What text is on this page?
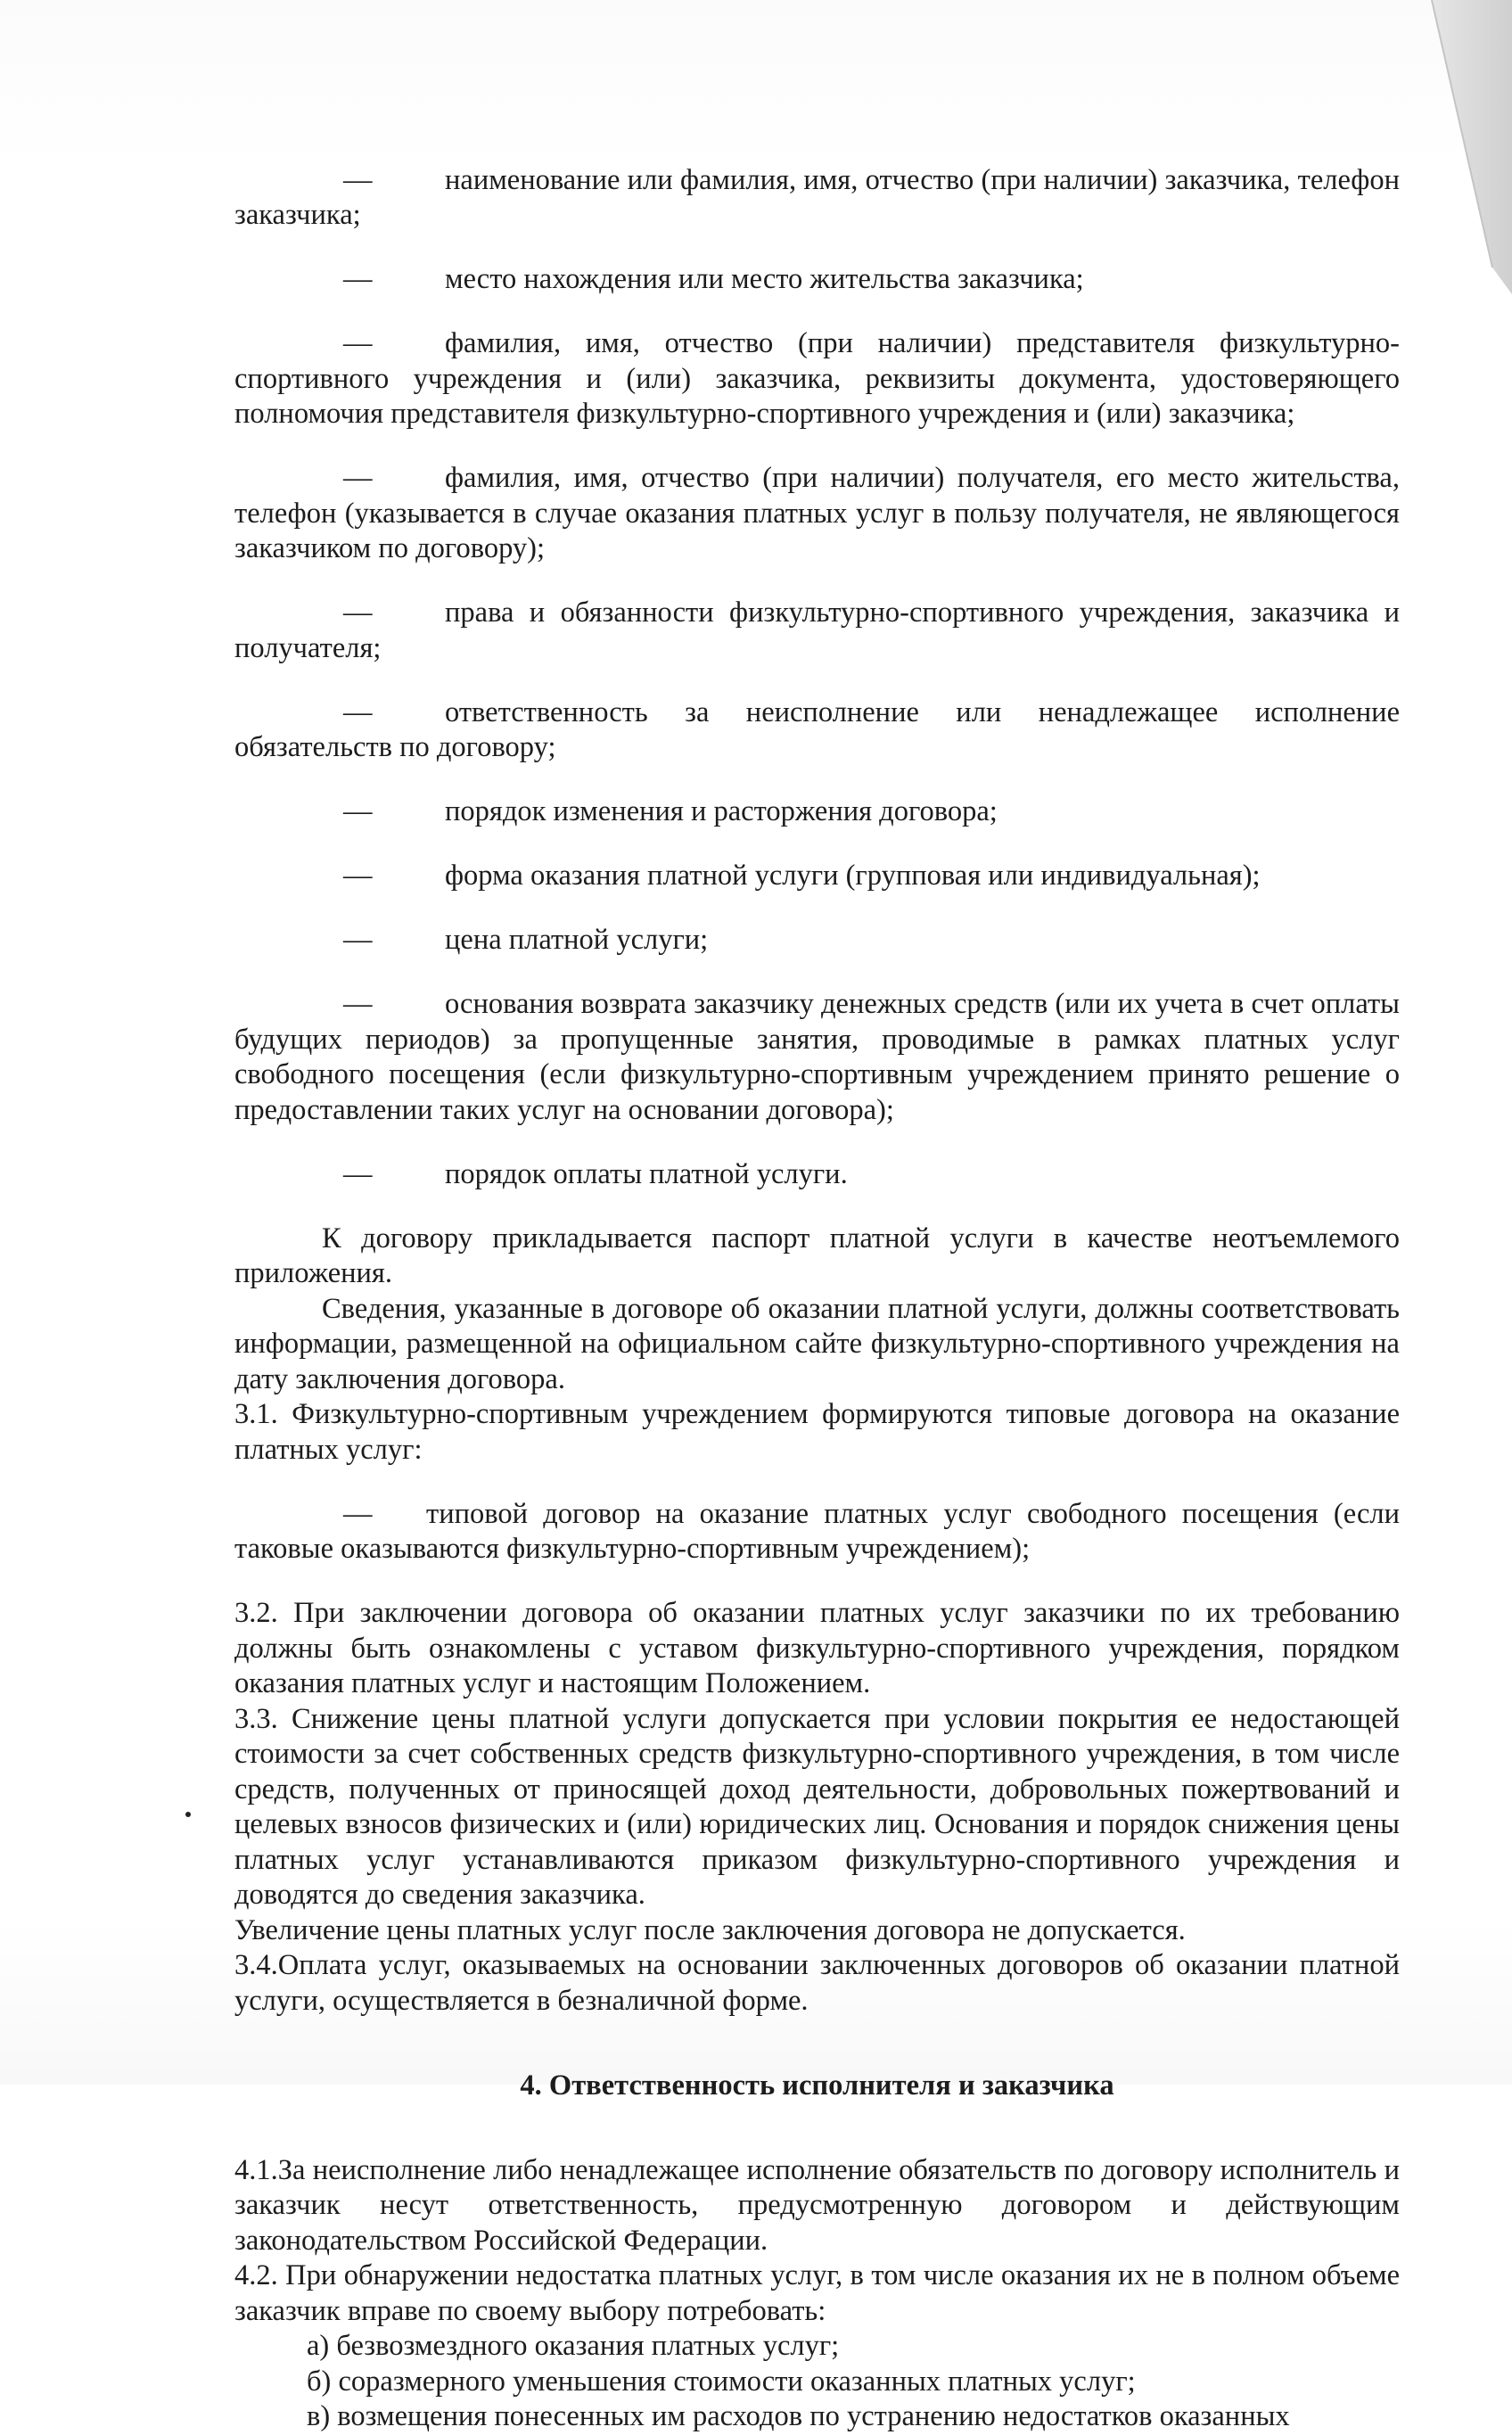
—	наименование или фамилия, имя, отчество (при наличии) заказчика, телефон заказчика;

—	место нахождения или место жительства заказчика;

—	фамилия, имя, отчество (при наличии) представителя физкультурно-спортивного учреждения и (или) заказчика, реквизиты документа, удостоверяющего полномочия представителя физкультурно-спортивного учреждения и (или) заказчика;

—	фамилия, имя, отчество (при наличии) получателя, его место жительства, телефон (указывается в случае оказания платных услуг в пользу получателя, не являющегося заказчиком по договору);

—	права и обязанности физкультурно-спортивного учреждения, заказчика и получателя;

—	ответственность за неисполнение или ненадлежащее исполнение обязательств по договору;

—	порядок изменения и расторжения договора;

—	форма оказания платной услуги (групповая или индивидуальная);

—	цена платной услуги;

—	основания возврата заказчику денежных средств (или их учета в счет оплаты будущих периодов) за пропущенные занятия, проводимые в рамках платных услуг свободного посещения (если физкультурно-спортивным учреждением принято решение о предоставлении таких услуг на основании договора);

—	порядок оплаты платной услуги.

К договору прикладывается паспорт платной услуги в качестве неотъемлемого приложения.

Сведения, указанные в договоре об оказании платной услуги, должны соответствовать информации, размещенной на официальном сайте физкультурно-спортивного учреждения на дату заключения договора.

3.1. Физкультурно-спортивным учреждением формируются типовые договора на оказание платных услуг:

— типовой договор на оказание платных услуг свободного посещения (если таковые оказываются физкультурно-спортивным учреждением);

3.2. При заключении договора об оказании платных услуг заказчики по их требованию должны быть ознакомлены с уставом физкультурно-спортивного учреждения, порядком оказания платных услуг и настоящим Положением.

3.3. Снижение цены платной услуги допускается при условии покрытия ее недостающей стоимости за счет собственных средств физкультурно-спортивного учреждения, в том числе средств, полученных от приносящей доход деятельности, добровольных пожертвований и целевых взносов физических и (или) юридических лиц. Основания и порядок снижения цены платных услуг устанавливаются приказом физкультурно-спортивного учреждения и доводятся до сведения заказчика.

Увеличение цены платных услуг после заключения договора не допускается.

3.4.Оплата услуг, оказываемых на основании заключенных договоров об оказании платной услуги, осуществляется в безналичной форме.

4. Ответственность исполнителя и заказчика

4.1.За неисполнение либо ненадлежащее исполнение обязательств по договору исполнитель и заказчик несут ответственность, предусмотренную договором и действующим законодательством Российской Федерации.

4.2. При обнаружении недостатка платных услуг, в том числе оказания их не в полном объеме заказчик вправе по своему выбору потребовать:

а) безвозмездного оказания платных услуг;

б) соразмерного уменьшения стоимости оказанных платных услуг;

в) возмещения понесенных им расходов по устранению недостатков оказанных
